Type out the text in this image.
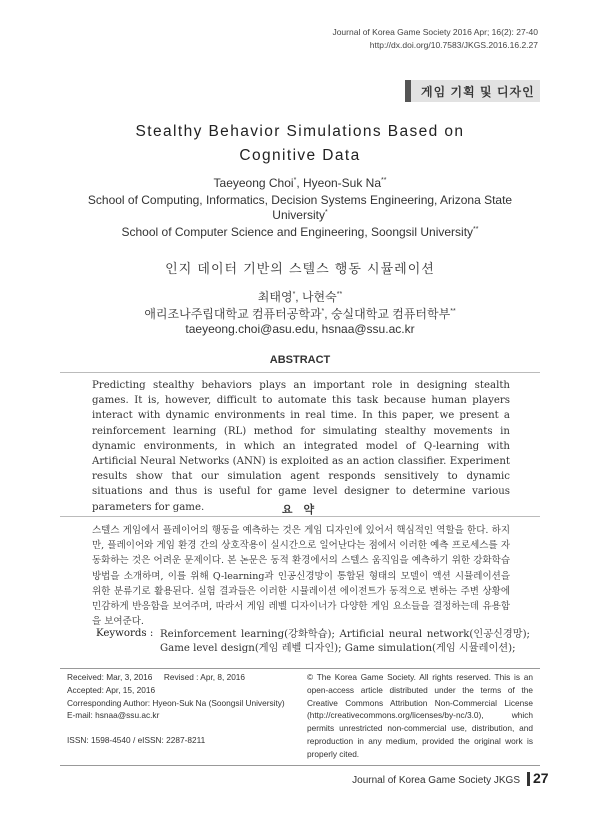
Journal of Korea Game Society 2016 Apr; 16(2): 27-40
http://dx.doi.org/10.7583/JKGS.2016.16.2.27
게임 기획 및 디자인
Stealthy Behavior Simulations Based on
Cognitive Data
Taeyeong Choi*, Hyeon-Suk Na**
School of Computing, Informatics, Decision Systems Engineering, Arizona State
University*
School of Computer Science and Engineering, Soongsil University**
인지 데이터 기반의 스텔스 행동 시뮬레이션
최태영*, 나현숙**
애리조나주립대학교 컴퓨터공학과*, 숭실대학교 컴퓨터학부**
taeyeong.choi@asu.edu, hsnaa@ssu.ac.kr
ABSTRACT
Predicting stealthy behaviors plays an important role in designing stealth games. It is, however, difficult to automate this task because human players interact with dynamic environments in real time. In this paper, we present a reinforcement learning (RL) method for simulating stealthy movements in dynamic environments, in which an integrated model of Q-learning with Artificial Neural Networks (ANN) is exploited as an action classifier. Experiment results show that our simulation agent responds sensitively to dynamic situations and thus is useful for game level designer to determine various parameters for game.	요 약
스텔스 게임에서 플레이어의 행동을 예측하는 것은 게임 디자인에 있어서 핵심적인 역할을 한다. 하지만, 플레이어와 게임 환경 간의 상호작용이 실시간으로 일어난다는 점에서 이러한 예측 프로세스를 자동화하는 것은 어려운 문제이다. 본 논문은 동적 환경에서의 스텔스 움직임을 예측하기 위한 강화학습 방법을 소개하며, 이를 위해 Q-learning과 인공신경망이 통합된 형태의 모델이 액션 시뮬레이션을 위한 분류기로 활용된다. 실험 결과들은 이러한 시뮬레이션 에이전트가 동적으로 변하는 주변 상황에 민감하게 반응함을 보여주며, 따라서 게임 레벨 디자이너가 다양한 게임 요소들을 결정하는데 유용함을 보여준다.
Keywords : Reinforcement learning(강화학습); Artificial neural network(인공신경망); Game level design(게임 레벨 디자인); Game simulation(게임 시뮬레이션);
Received: Mar, 3, 2016 Revised : Apr, 8, 2016
Accepted: Apr, 15, 2016
Corresponding Author: Hyeon-Suk Na (Soongsil University)
E-mail: hsnaa@ssu.ac.kr
ISSN: 1598-4540 / eISSN: 2287-8211
© The Korea Game Society. All rights reserved. This is an open-access article distributed under the terms of the Creative Commons Attribution Non-Commercial License (http://creativecommons.org/licenses/by-nc/3.0), which permits unrestricted non-commercial use, distribution, and reproduction in any medium, provided the original work is properly cited.
Journal of Korea Game Society JKGS 27
